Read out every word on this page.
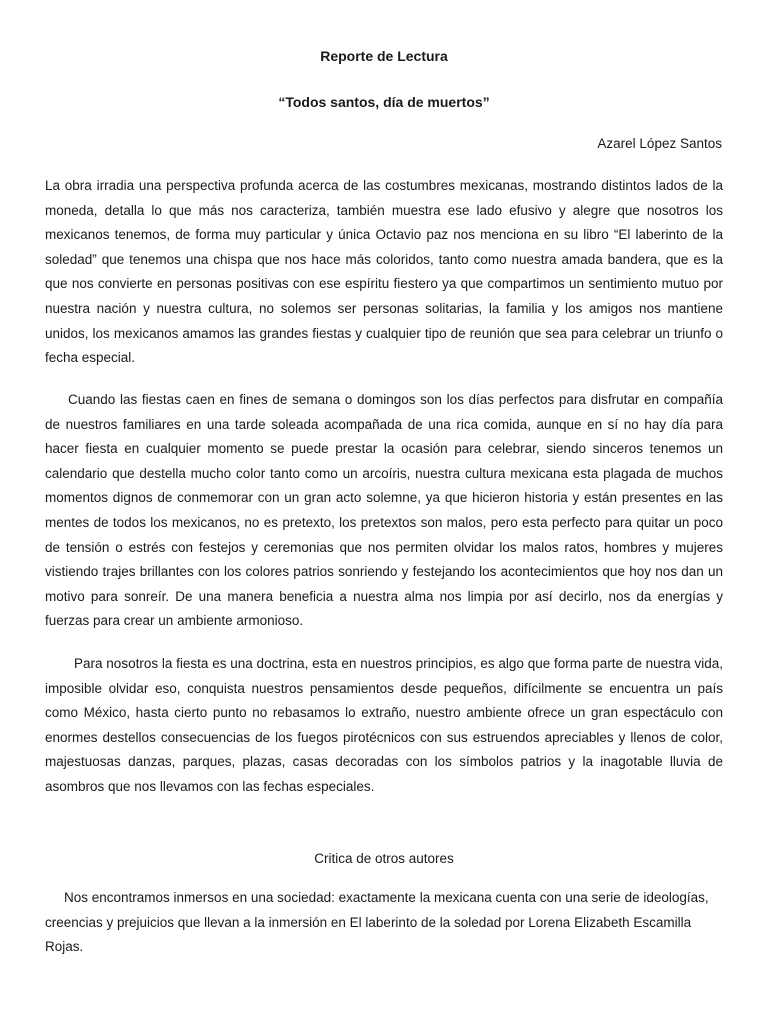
Reporte de Lectura

“Todos santos, día de muertos”

Azarel López Santos

La obra irradia una perspectiva profunda acerca de las costumbres mexicanas, mostrando distintos lados de la moneda, detalla lo que más nos caracteriza, también muestra ese lado efusivo y alegre que nosotros los mexicanos tenemos, de forma muy particular y única Octavio paz nos menciona en su libro “El laberinto de la soledad” que tenemos una chispa que nos hace más coloridos, tanto como nuestra amada bandera, que es la que nos convierte en personas positivas con ese espíritu fiestero ya que compartimos un sentimiento mutuo por nuestra nación y nuestra cultura, no solemos ser personas solitarias, la familia y los amigos nos mantiene unidos, los mexicanos amamos las grandes fiestas y cualquier tipo de reunión que sea para celebrar un triunfo o fecha especial.

Cuando las fiestas caen en fines de semana o domingos son los días perfectos para disfrutar en compañía de nuestros familiares en una tarde soleada acompañada de una rica comida, aunque en sí no hay día para hacer fiesta en cualquier momento se puede prestar la ocasión para celebrar, siendo sinceros tenemos un calendario que destella mucho color tanto como un arcoíris, nuestra cultura mexicana esta plagada de muchos momentos dignos de conmemorar con un gran acto solemne, ya que hicieron historia y están presentes en las mentes de todos los mexicanos, no es pretexto, los pretextos son malos, pero esta perfecto para quitar un poco de tensión o estrés con festejos y ceremonias que nos permiten olvidar los malos ratos, hombres y mujeres vistiendo trajes brillantes con los colores patrios sonriendo y festejando los acontecimientos que hoy nos dan un motivo para sonreír. De una manera beneficia a nuestra alma nos limpia por así decirlo, nos da energías y fuerzas para crear un ambiente armonioso.

Para nosotros la fiesta es una doctrina, esta en nuestros principios, es algo que forma parte de nuestra vida, imposible olvidar eso, conquista nuestros pensamientos desde pequeños, difícilmente se encuentra un país como México, hasta cierto punto no rebasamos lo extraño, nuestro ambiente ofrece un gran espectáculo con enormes destellos consecuencias de los fuegos pirotécnicos con sus estruendos apreciables y llenos de color, majestuosas danzas, parques, plazas, casas decoradas con los símbolos patrios y la inagotable lluvia de asombros que nos llevamos con las fechas especiales.

Critica de otros autores

Nos encontramos inmersos en una sociedad: exactamente la mexicana cuenta con una serie de ideologías, creencias y prejuicios que llevan a la inmersión en El laberinto de la soledad por Lorena Elizabeth Escamilla Rojas.
